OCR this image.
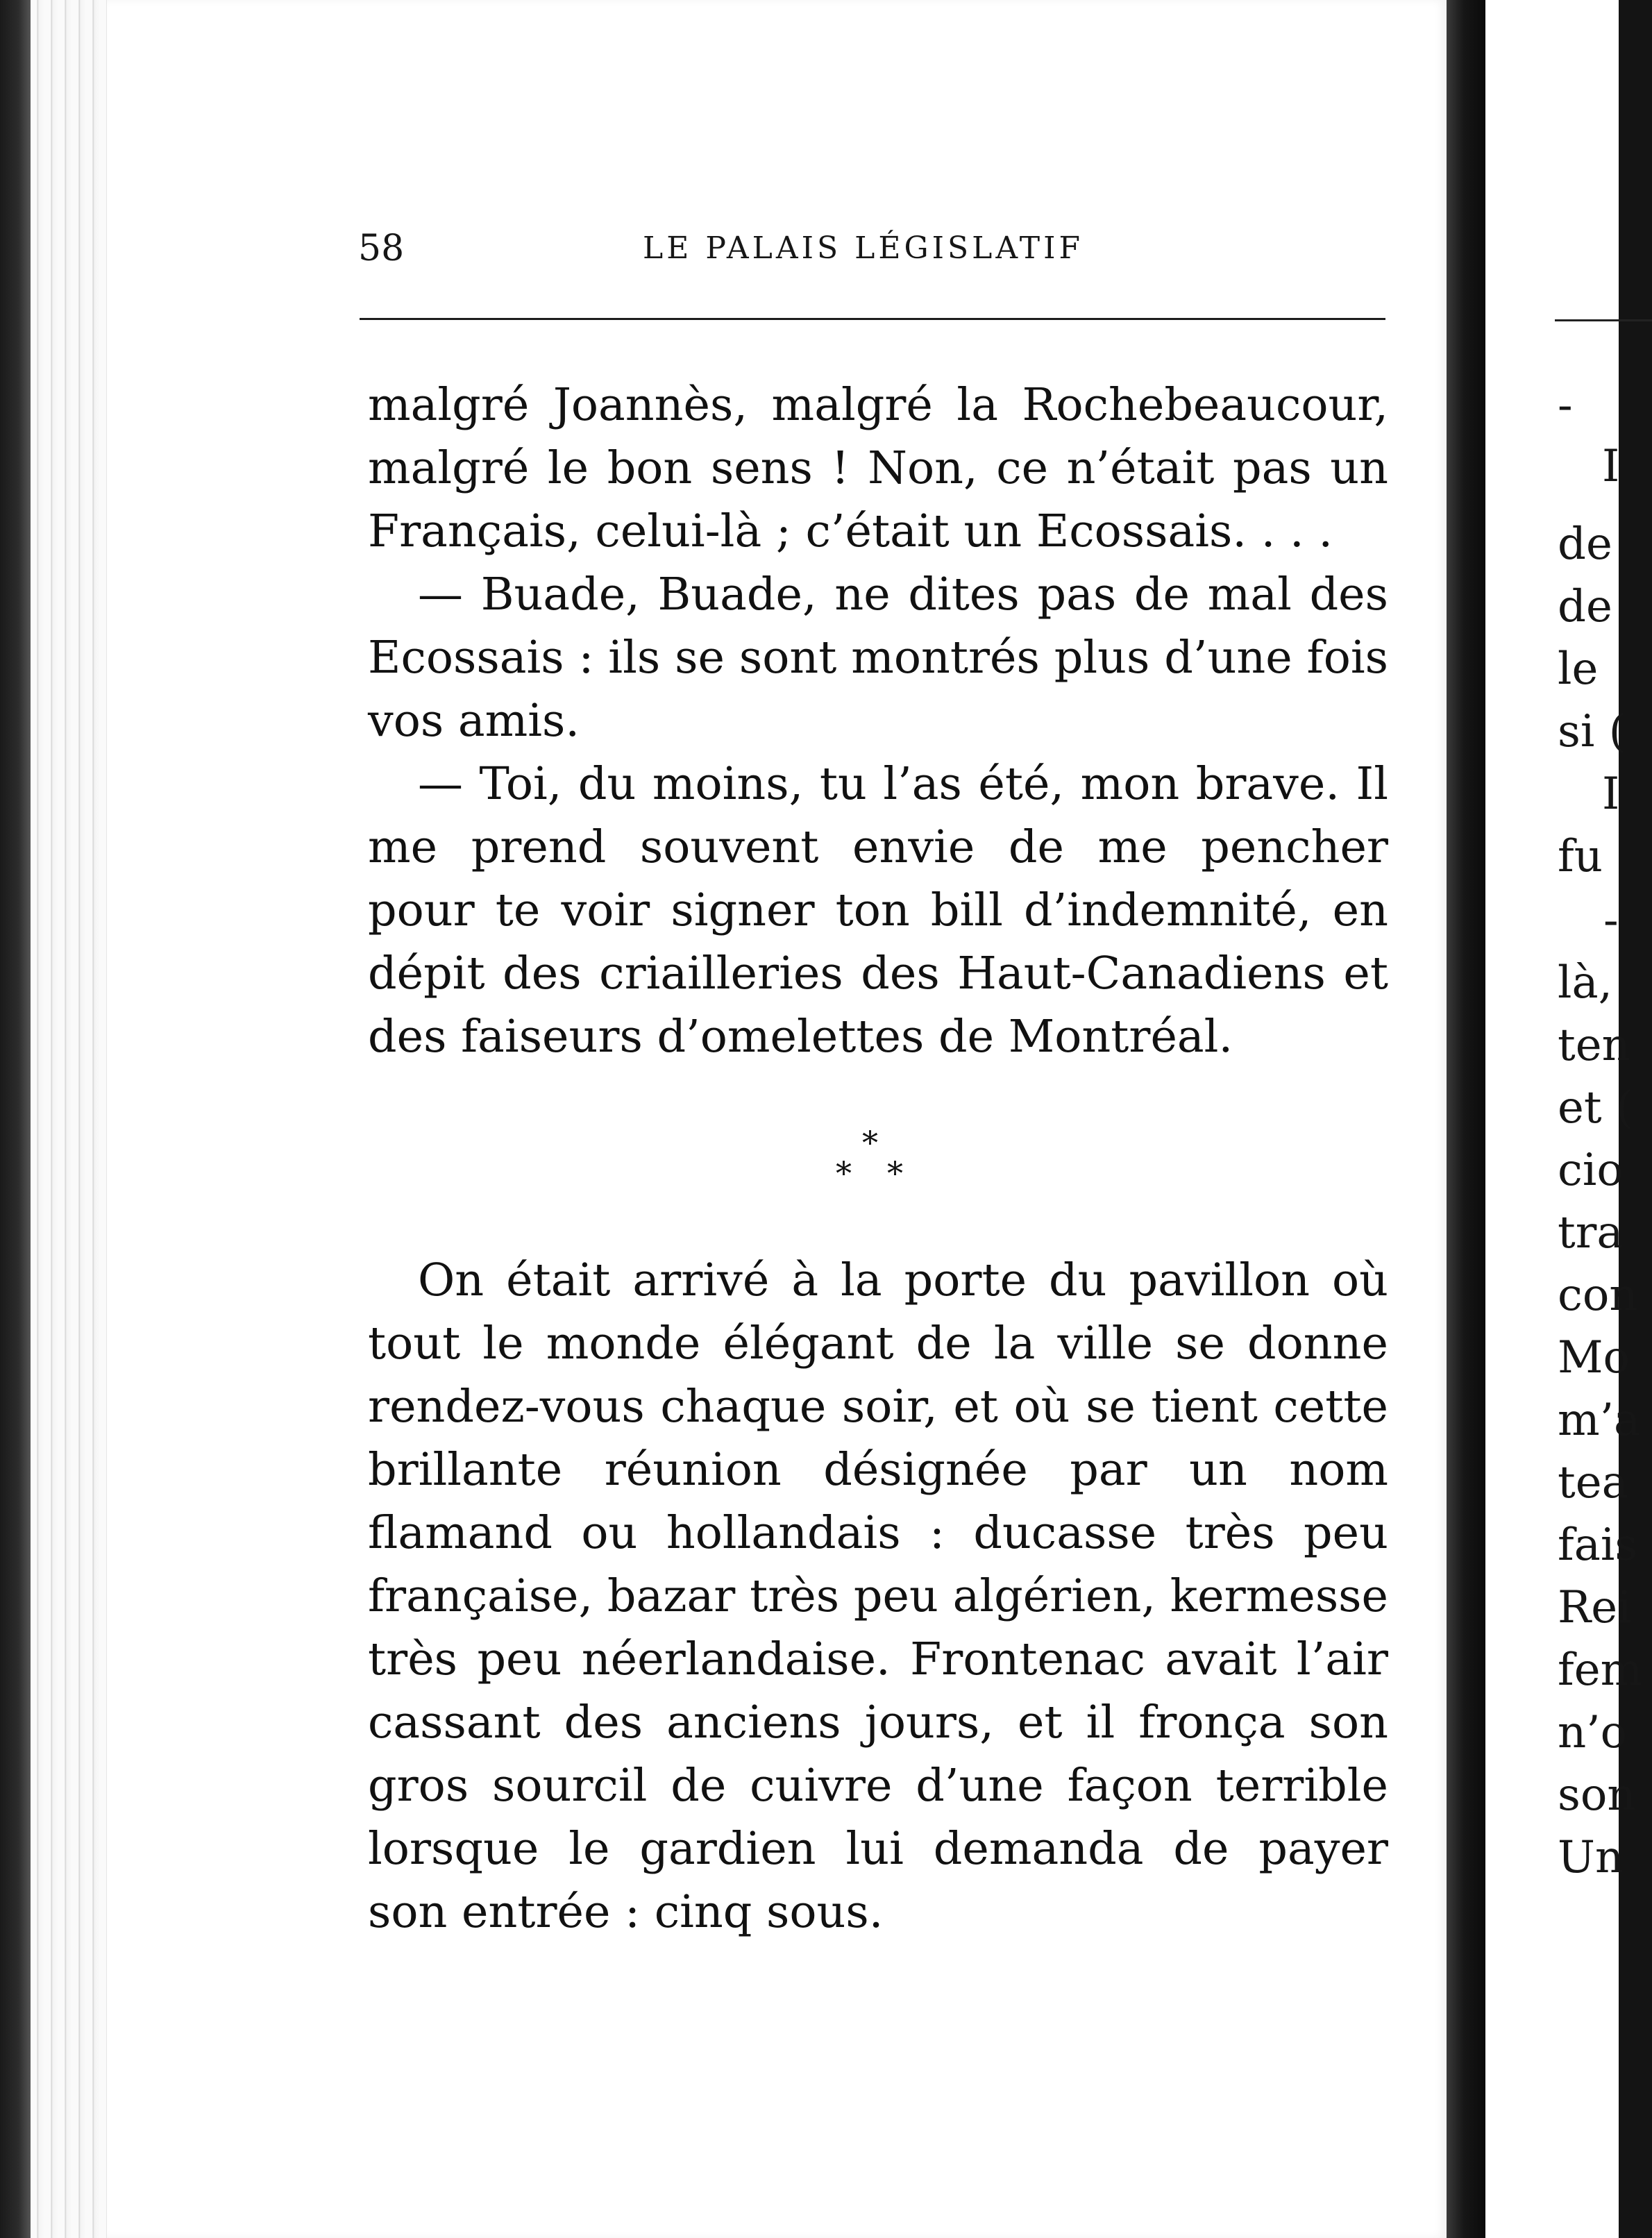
58	LE PALAIS LÉGISLATIF

malgré Joannès, malgré la Rochebeaucour, malgré le bon sens ! Non, ce n’était pas un Français, celui-là ; c’était un Ecossais. . . .

— Buade, Buade, ne dites pas de mal des Ecossais : ils se sont montrés plus d’une fois vos amis.

— Toi, du moins, tu l’as été, mon brave. Il me prend souvent envie de me pencher pour te voir signer ton bill d’indemnité, en dépit des criailleries des Haut-Canadiens et des faiseurs d’omelettes de Montréal.

*
* *

On était arrivé à la porte du pavillon où tout le monde élégant de la ville se donne rendez-vous chaque soir, et où se tient cette brillante réunion désignée par un nom flamand ou hollandais : ducasse très peu française, bazar très peu algérien, kermesse très peu néerlandaise. Frontenac avait l’air cassant des anciens jours, et il fronça son gros sourcil de cuivre d’une façon terrible lorsque le gardien lui demanda de payer son entrée : cinq sous.

-
I
de
de
le
si (
I
fu
-
là,
ten
et (
cio
tra
con
Mo
m’a
tea
fais
Rei
fem
n’o
son
Un
